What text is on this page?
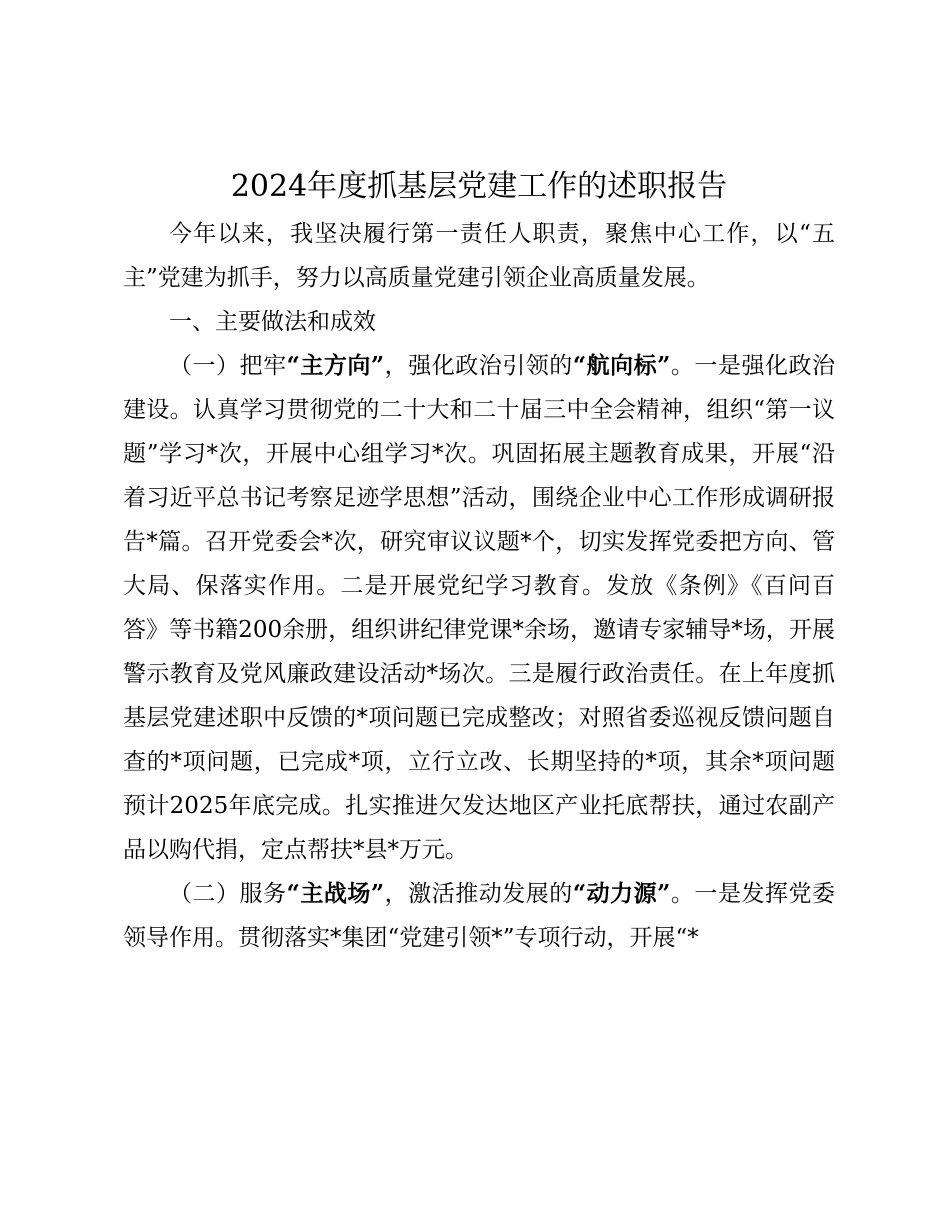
2024年度抓基层党建工作的述职报告

今年以来，我坚决履行第一责任人职责，聚焦中心工作，以“五主”党建为抓手，努力以高质量党建引领企业高质量发展。

一、主要做法和成效

（一）把牢“主方向”，强化政治引领的“航向标”。一是强化政治建设。认真学习贯彻党的二十大和二十届三中全会精神，组织“第一议题”学习*次，开展中心组学习*次。巩固拓展主题教育成果，开展“沿着习近平总书记考察足迹学思想”活动，围绕企业中心工作形成调研报告*篇。召开党委会*次，研究审议议题*个，切实发挥党委把方向、管大局、保落实作用。二是开展党纪学习教育。发放《条例》《百问百答》等书籍200余册，组织讲纪律党课*余场，邀请专家辅导*场，开展警示教育及党风廉政建设活动*场次。三是履行政治责任。在上年度抓基层党建述职中反馈的*项问题已完成整改；对照省委巡视反馈问题自查的*项问题，已完成*项，立行立改、长期坚持的*项，其余*项问题预计2025年底完成。扎实推进欠发达地区产业托底帮扶，通过农副产品以购代捐，定点帮扶*县*万元。

（二）服务“主战场”，激活推动发展的“动力源”。一是发挥党委领导作用。贯彻落实*集团“党建引领*”专项行动，开展“*
